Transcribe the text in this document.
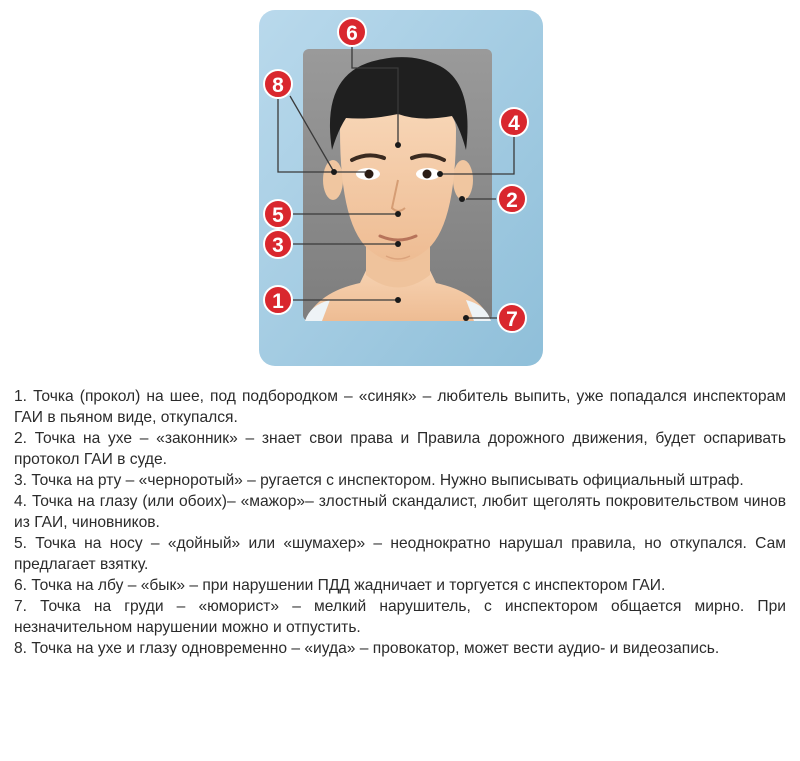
1
2
3
4
5
6
7
8
1. Точка (прокол) на шее, под подбородком – «синяк» – любитель выпить, уже попадался инспекторам ГАИ в пьяном виде, откупался.
2. Точка на ухе – «законник» – знает свои права и Правила дорожного движения, будет оспаривать протокол ГАИ в суде.
3. Точка на рту – «чернoротый» – ругается с инспектором. Нужно выписывать официальный штраф.
4. Точка на глазу (или обоих)– «мажор»– злостный скандалист, любит щеголять покровительством чинов из ГАИ, чиновников.
5. Точка на носу – «дойный» или «шумахер» – неоднократно нарушал правила, но откупался. Сам предлагает взятку.
6. Точка на лбу – «бык» – при нарушении ПДД жадничает и торгуется с инспектором ГАИ.
7. Точка на груди – «юморист» – мелкий нарушитель, с инспектором общается мирно. При незначительном нарушении можно и отпустить.
8. Точка на ухе и глазу одновременно – «иуда» – провокатор, может вести аудио- и видеозапись.
